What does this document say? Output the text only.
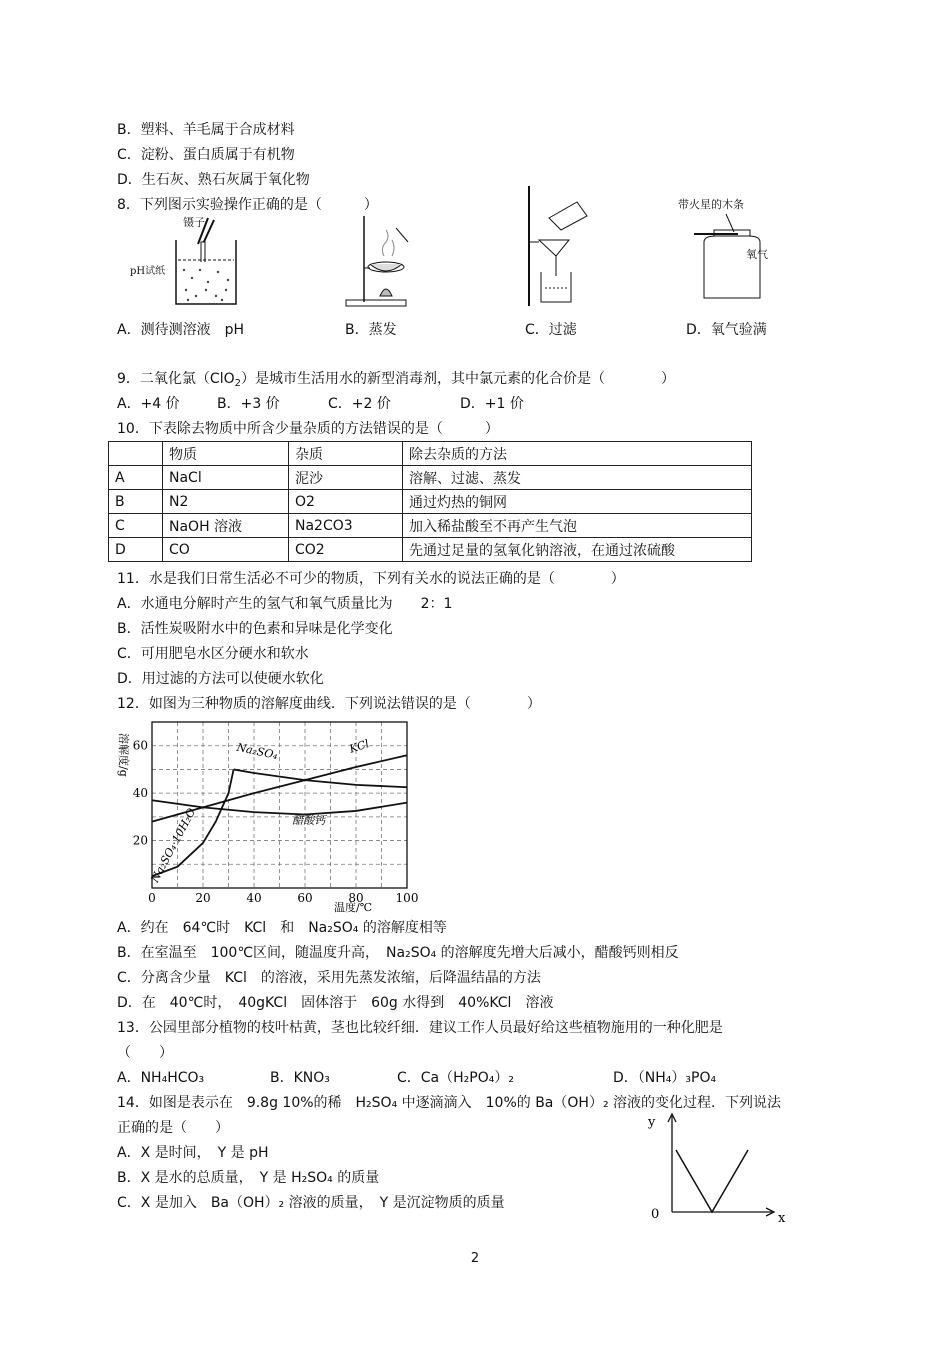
B．塑料、羊毛属于合成材料
C．淀粉、蛋白质属于有机物
D．生石灰、熟石灰属于氧化物
8．下列图示实验操作正确的是（　　　）
镊子
pH试纸
带火星的木条
氧气
A．测待测溶液　pH	B．蒸发	C．过滤	D．氧气验满
9．二氧化氯（ClO$_2$）是城市生活用水的新型消毒剂，其中氯元素的化合价是（　　　　）
A．+4 价	B．+3 价	C．+2 价	D．+1 价
10．下表除去物质中所含少量杂质的方法错误的是（　　　）
	物质	杂质	除去杂质的方法
A	NaCl	泥沙	溶解、过滤、蒸发
B	N2	O2	通过灼热的铜网
C	NaOH 溶液	Na2CO3	加入稀盐酸至不再产生气泡
D	CO	CO2	先通过足量的氢氧化钠溶液，在通过浓硫酸
11．水是我们日常生活必不可少的物质，下列有关水的说法正确的是（　　　　）
A．水通电分解时产生的氢气和氧气质量比为　　2：1
B．活性炭吸附水中的色素和异味是化学变化
C．可用肥皂水区分硬水和软水
D．用过滤的方法可以使硬水软化
12．如图为三种物质的溶解度曲线．下列说法错误的是（　　　　）
溶解度/g
20
40
60
0	20	40	60	80	100
温度/℃
KCl
Na₂SO₄
Na₂SO₄·10H₂O	醋酸钙
A．约在　64℃时　KCl　和　Na₂SO₄ 的溶解度相等
B．在室温至　100℃区间，随温度升高，　Na₂SO₄ 的溶解度先增大后减小，醋酸钙则相反
C．分离含少量　KCl　的溶液，采用先蒸发浓缩，后降温结晶的方法
D．在　40℃时，　40gKCl　固体溶于　60g 水得到　40%KCl　溶液
13．公园里部分植物的枝叶枯黄，茎也比较纤细．建议工作人员最好给这些植物施用的一种化肥是
（　　）
A．NH₄HCO₃	B．KNO₃	C．Ca（H₂PO₄）₂	D．（NH₄）₃PO₄
14．如图是表示在　9.8g 10%的稀　H₂SO₄ 中逐滴滴入　10%的 Ba（OH）₂ 溶液的变化过程．下列说法
正确的是（　　）
A．X 是时间，　Y 是 pH
B．X 是水的总质量，　Y 是 H₂SO₄ 的质量
C．X 是加入　Ba（OH）₂ 溶液的质量，　Y 是沉淀物质的质量
y
x
0
2
